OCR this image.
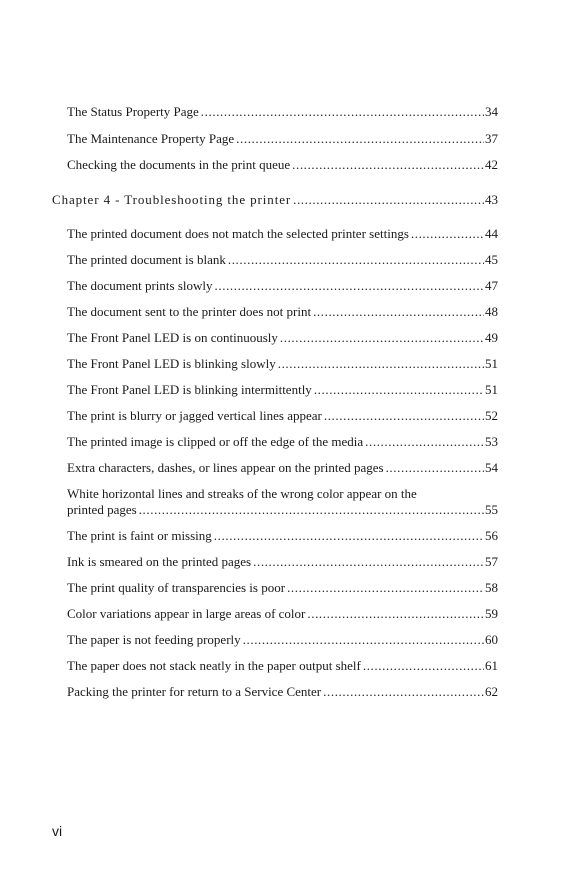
The Status Property Page .....	34
The Maintenance Property Page .....	37
Checking the documents in the print queue .....	42
Chapter 4 - Troubleshooting the printer .....	43
The printed document does not match the selected printer settings .....	44
The printed document is blank .....	45
The document prints slowly .....	47
The document sent to the printer does not print .....	48
The Front Panel LED is on continuously .....	49
The Front Panel LED is blinking slowly .....	51
The Front Panel LED is blinking intermittently .....	51
The print is blurry or jagged vertical lines appear .....	52
The printed image is clipped or off the edge of the media .....	53
Extra characters, dashes, or lines appear on the printed pages .....	54
White horizontal lines and streaks of the wrong color appear on the
printed pages .....	55
The print is faint or missing .....	56
Ink is smeared on the printed pages .....	57
The print quality of transparencies is poor .....	58
Color variations appear in large areas of color .....	59
The paper is not feeding properly .....	60
The paper does not stack neatly in the paper output shelf .....	61
Packing the printer for return to a Service Center .....	62
vi
